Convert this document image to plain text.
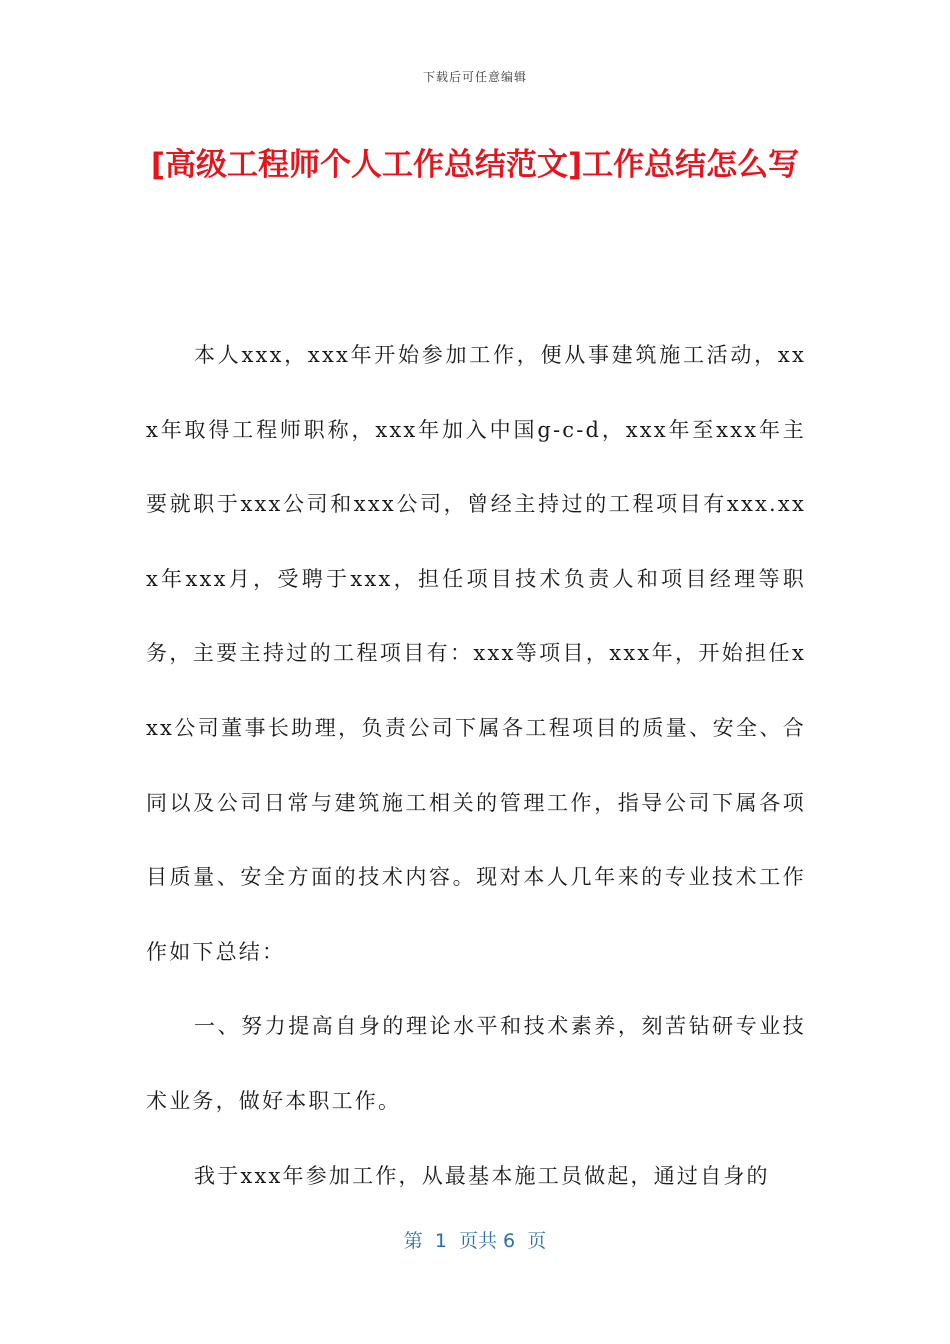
下载后可任意编辑
[高级工程师个人工作总结范文]工作总结怎么写

本人xxx，xxx年开始参加工作，便从事建筑施工活动，xxx年取得工程师职称，xxx年加入中国g-c-d，xxx年至xxx年主要就职于xxx公司和xxx公司，曾经主持过的工程项目有xxx.xxx年xxx月，受聘于xxx，担任项目技术负责人和项目经理等职务，主要主持过的工程项目有：xxx等项目，xxx年，开始担任xxx公司董事长助理，负责公司下属各工程项目的质量、安全、合同以及公司日常与建筑施工相关的管理工作，指导公司下属各项目质量、安全方面的技术内容。现对本人几年来的专业技术工作作如下总结：

一、努力提高自身的理论水平和技术素养，刻苦钻研专业技术业务，做好本职工作。

我于xxx年参加工作，从最基本施工员做起，通过自身的

第  1  页共 6  页
